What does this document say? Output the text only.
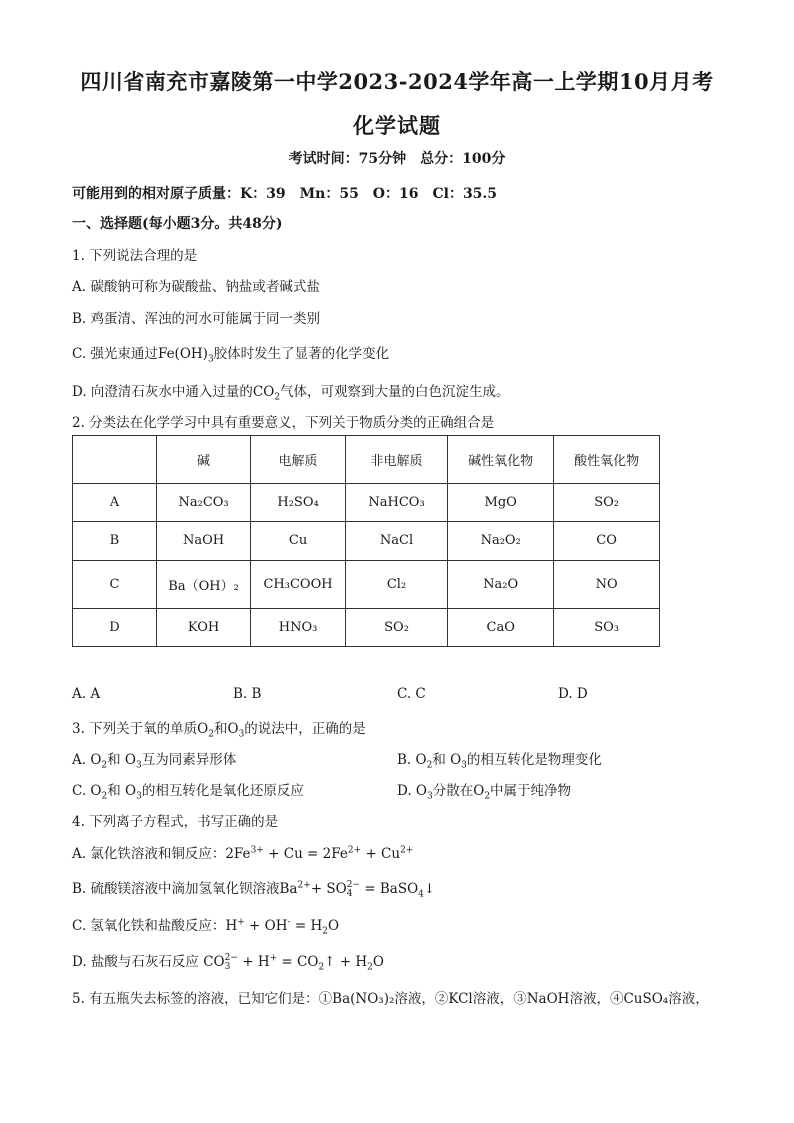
四川省南充市嘉陵第一中学2023-2024学年高一上学期10月月考
化学试题
考试时间：75分钟　总分：100分
可能用到的相对原子质量：K：39　Mn：55　O：16　Cl：35.5
一、选择题(每小题3分。共48分)
1. 下列说法合理的是
A. 碳酸钠可称为碳酸盐、钠盐或者碱式盐
B. 鸡蛋清、浑浊的河水可能属于同一类别
C. 强光束通过$Fe(OH)_3$胶体时发生了显著的化学变化
D. 向澄清石灰水中通入过量的$CO_2$气体，可观察到大量的白色沉淀生成。
2. 分类法在化学学习中具有重要意义，下列关于物质分类的正确组合是
	碱	电解质	非电解质	碱性氧化物	酸性氧化物
A	Na₂CO₃	H₂SO₄	NaHCO₃	MgO	SO₂
B	NaOH	Cu	NaCl	Na₂O₂	CO
C	Ba（OH）₂	CH₃COOH	Cl₂	Na₂O	NO
D	KOH	HNO₃	SO₂	CaO	SO₃
A. A	B. B	C. C	D. D
3. 下列关于氧的单质$O_2$和$O_3$的说法中，正确的是
A. $O_2$和 $O_3$互为同素异形体	B. $O_2$和 $O_3$的相互转化是物理变化
C. $O_2$和 $O_3$的相互转化是氧化还原反应	D. $O_3$分散在$O_2$中属于纯净物
4. 下列离子方程式，书写正确的是
A. 氯化铁溶液和铜反应：$2Fe^{3+} + Cu = 2Fe^{2+} + Cu^{2+}$
B. 硫酸镁溶液中滴加氢氧化钡溶液$Ba^{2+}+ SO2-$
4 = BaSO$_4$↓
C. 氢氧化铁和盐酸反应：$H^+ + OH^- = H_2O$
D. 盐酸与石灰石反应 CO2−
$3 + H^+ = CO_2↑ + H_2O$
5. 有五瓶失去标签的溶液，已知它们是：①Ba(NO₃)₂溶液，②KCl溶液，③NaOH溶液，④CuSO₄溶液，
